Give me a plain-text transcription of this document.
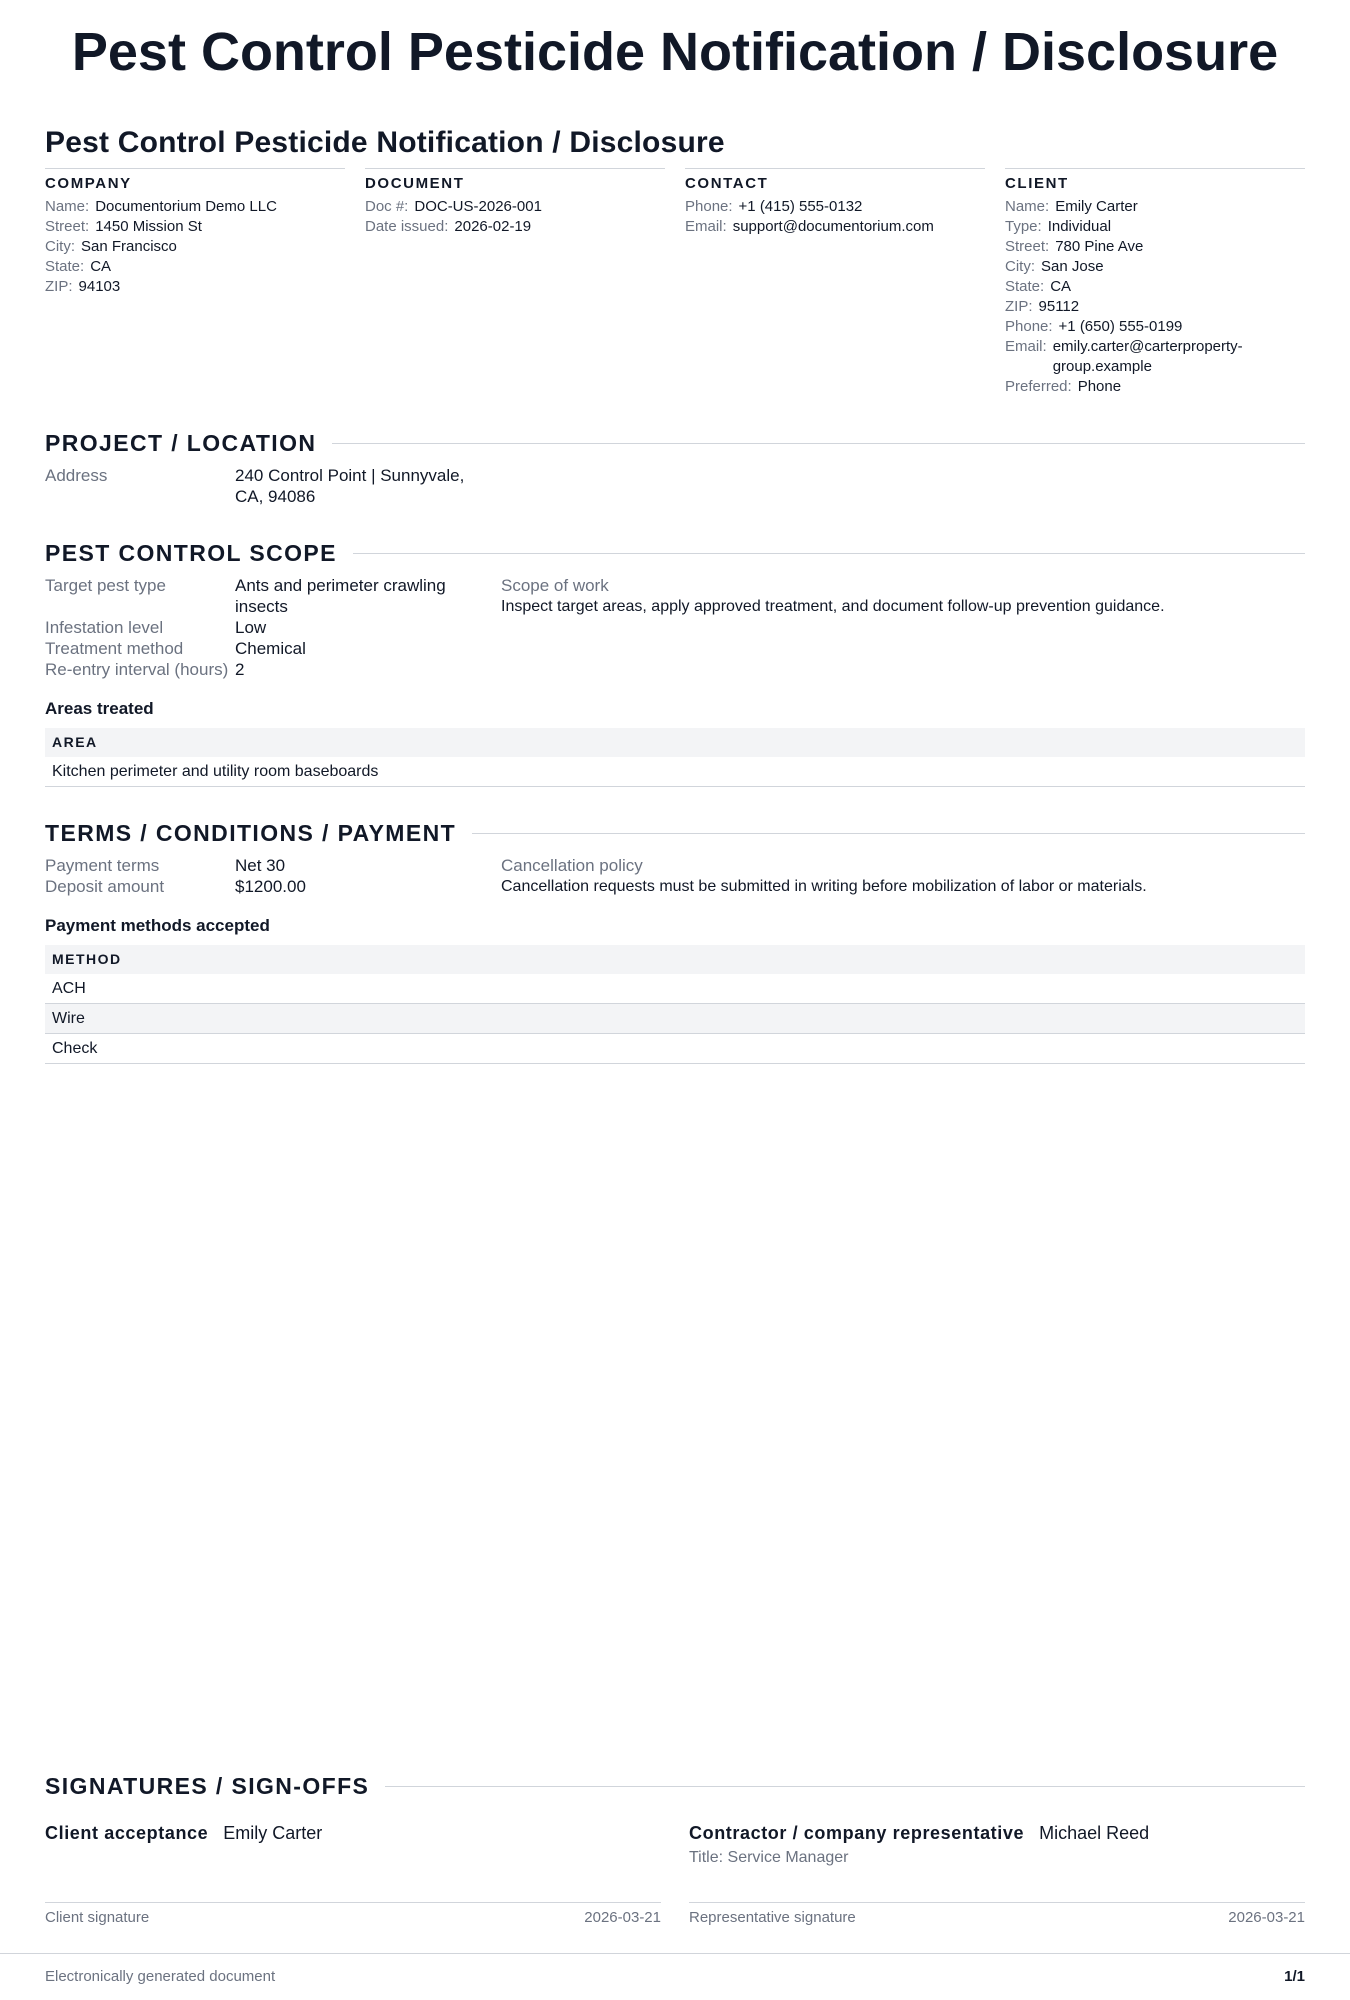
Pest Control Pesticide Notification / Disclosure
Pest Control Pesticide Notification / Disclosure
COMPANY
Name: Documentorium Demo LLC
Street: 1450 Mission St
City: San Francisco
State: CA
ZIP: 94103
DOCUMENT
Doc #: DOC-US-2026-001
Date issued: 2026-02-19
CONTACT
Phone: +1 (415) 555-0132
Email: support@documentorium.com
CLIENT
Name: Emily Carter
Type: Individual
Street: 780 Pine Ave
City: San Jose
State: CA
ZIP: 95112
Phone: +1 (650) 555-0199
Email: emily.carter@carterproperty-group.example
Preferred: Phone
PROJECT / LOCATION
Address	240 Control Point | Sunnyvale, CA, 94086
PEST CONTROL SCOPE
Target pest type	Ants and perimeter crawling insects
Infestation level	Low
Treatment method	Chemical
Re-entry interval (hours) 2
Scope of work
Inspect target areas, apply approved treatment, and document follow-up prevention guidance.
Areas treated
AREA
Kitchen perimeter and utility room baseboards
TERMS / CONDITIONS / PAYMENT
Payment terms	Net 30
Deposit amount	$1200.00
Cancellation policy
Cancellation requests must be submitted in writing before mobilization of labor or materials.
Payment methods accepted
METHOD
ACH
Wire
Check
SIGNATURES / SIGN-OFFS
Client acceptance Emily Carter

Client signature	2026-03-21
Contractor / company representative Michael Reed
Title: Service Manager
Representative signature	2026-03-21
Electronically generated document	1/1
